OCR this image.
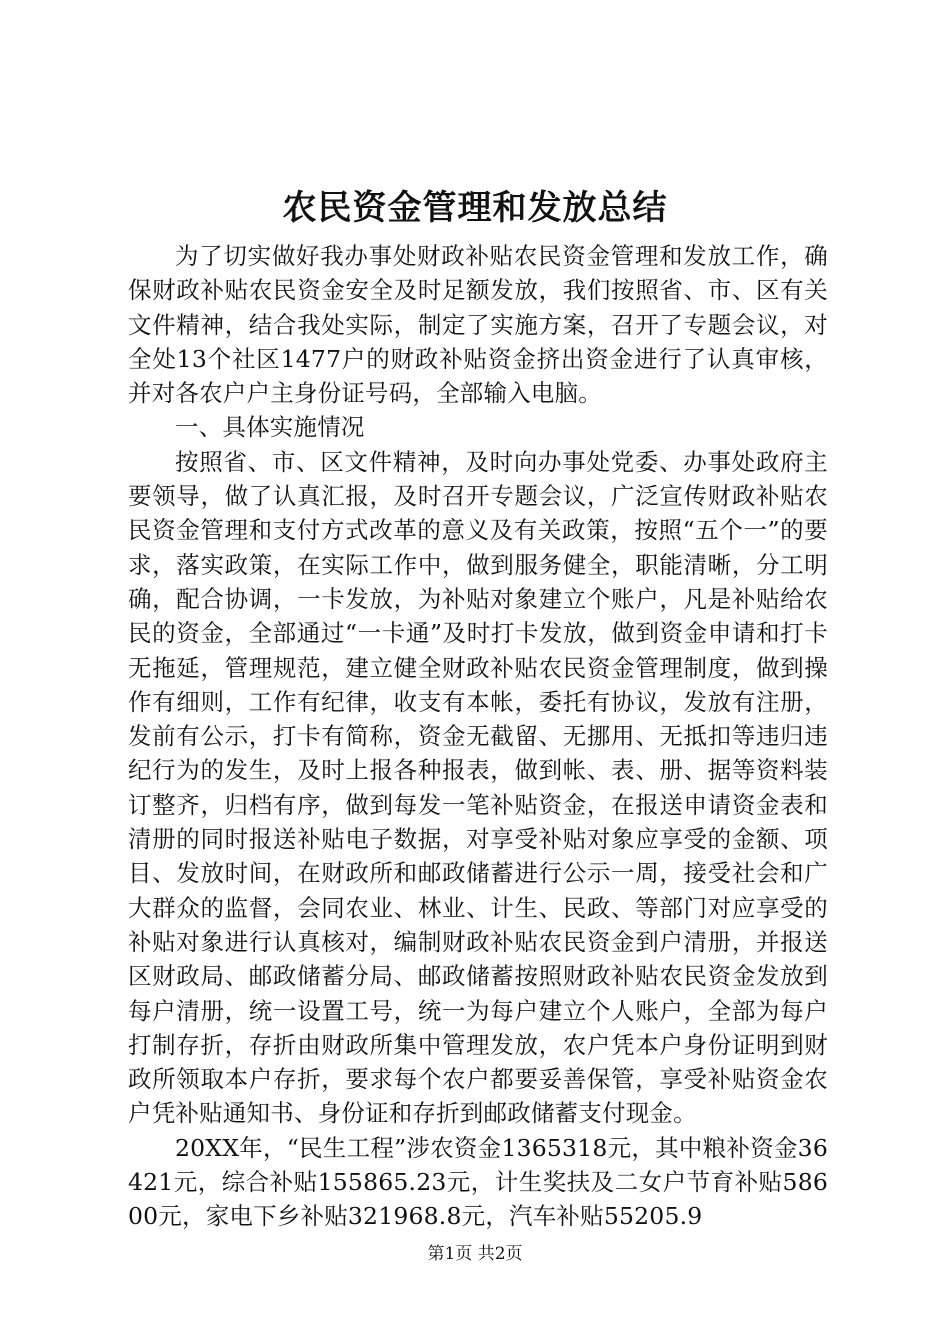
农民资金管理和发放总结

为了切实做好我办事处财政补贴农民资金管理和发放工作，确保财政补贴农民资金安全及时足额发放，我们按照省、市、区有关文件精神，结合我处实际，制定了实施方案，召开了专题会议，对全处13个社区1477户的财政补贴资金挤出资金进行了认真审核，并对各农户户主身份证号码，全部输入电脑。

一、具体实施情况

按照省、市、区文件精神，及时向办事处党委、办事处政府主要领导，做了认真汇报，及时召开专题会议，广泛宣传财政补贴农民资金管理和支付方式改革的意义及有关政策，按照“五个一”的要求，落实政策，在实际工作中，做到服务健全，职能清晰，分工明确，配合协调，一卡发放，为补贴对象建立个账户，凡是补贴给农民的资金，全部通过“一卡通”及时打卡发放，做到资金申请和打卡无拖延，管理规范，建立健全财政补贴农民资金管理制度，做到操作有细则，工作有纪律，收支有本帐，委托有协议，发放有注册，发前有公示，打卡有简称，资金无截留、无挪用、无抵扣等违归违纪行为的发生，及时上报各种报表，做到帐、表、册、据等资料装订整齐，归档有序，做到每发一笔补贴资金，在报送申请资金表和清册的同时报送补贴电子数据，对享受补贴对象应享受的金额、项目、发放时间，在财政所和邮政储蓄进行公示一周，接受社会和广大群众的监督，会同农业、林业、计生、民政、等部门对应享受的补贴对象进行认真核对，编制财政补贴农民资金到户清册，并报送区财政局、邮政储蓄分局、邮政储蓄按照财政补贴农民资金发放到每户清册，统一设置工号，统一为每户建立个人账户，全部为每户打制存折，存折由财政所集中管理发放，农户凭本户身份证明到财政所领取本户存折，要求每个农户都要妥善保管，享受补贴资金农户凭补贴通知书、身份证和存折到邮政储蓄支付现金。

20XX年，“民生工程”涉农资金1365318元，其中粮补资金36421元，综合补贴155865.23元，计生奖扶及二女户节育补贴58600元，家电下乡补贴321968.8元，汽车补贴55205.9

第1页 共2页
